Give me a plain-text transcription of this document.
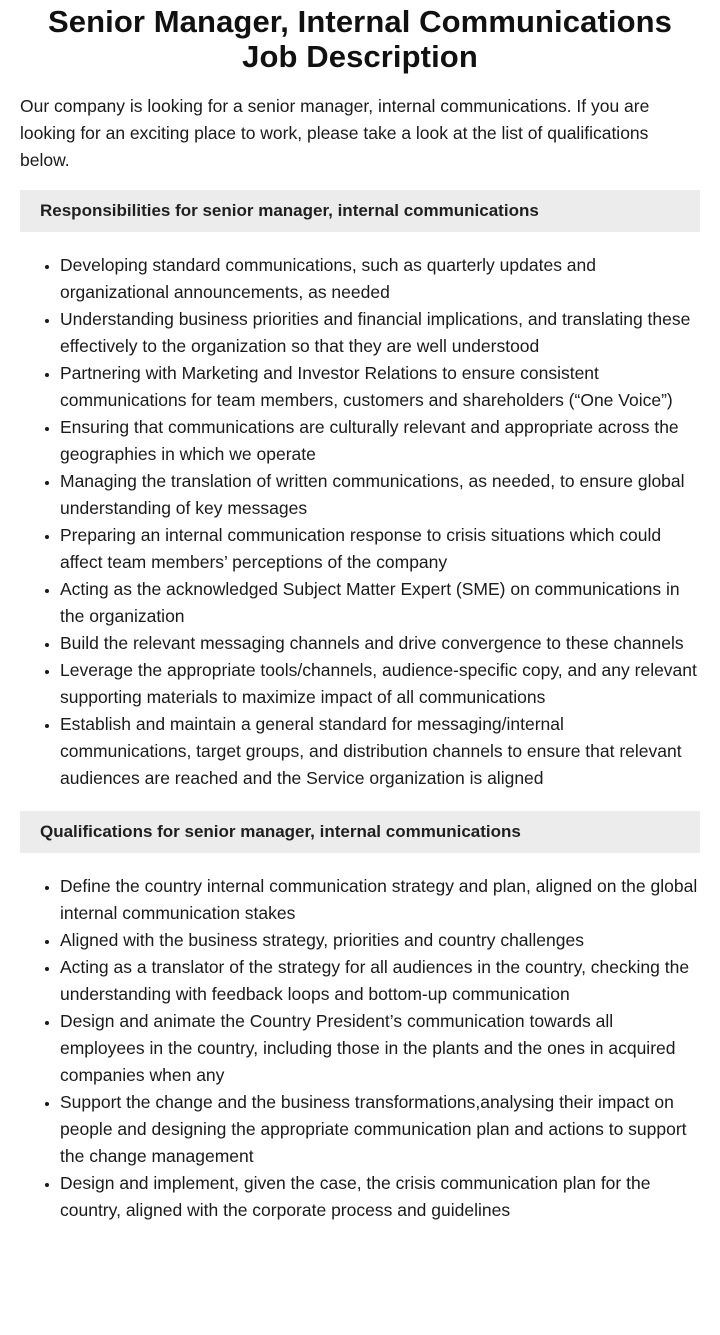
Senior Manager, Internal Communications Job Description

Our company is looking for a senior manager, internal communications. If you are looking for an exciting place to work, please take a look at the list of qualifications below.

Responsibilities for senior manager, internal communications
• Developing standard communications, such as quarterly updates and organizational announcements, as needed
• Understanding business priorities and financial implications, and translating these effectively to the organization so that they are well understood
• Partnering with Marketing and Investor Relations to ensure consistent communications for team members, customers and shareholders (“One Voice”)
• Ensuring that communications are culturally relevant and appropriate across the geographies in which we operate
• Managing the translation of written communications, as needed, to ensure global understanding of key messages
• Preparing an internal communication response to crisis situations which could affect team members’ perceptions of the company
• Acting as the acknowledged Subject Matter Expert (SME) on communications in the organization
• Build the relevant messaging channels and drive convergence to these channels
• Leverage the appropriate tools/channels, audience-specific copy, and any relevant supporting materials to maximize impact of all communications
• Establish and maintain a general standard for messaging/internal communications, target groups, and distribution channels to ensure that relevant audiences are reached and the Service organization is aligned
Qualifications for senior manager, internal communications
• Define the country internal communication strategy and plan, aligned on the global internal communication stakes
• Aligned with the business strategy, priorities and country challenges
• Acting as a translator of the strategy for all audiences in the country, checking the understanding with feedback loops and bottom-up communication
• Design and animate the Country President’s communication towards all employees in the country, including those in the plants and the ones in acquired companies when any
• Support the change and the business transformations,analysing their impact on people and designing the appropriate communication plan and actions to support the change management
• Design and implement, given the case, the crisis communication plan for the country, aligned with the corporate process and guidelines
